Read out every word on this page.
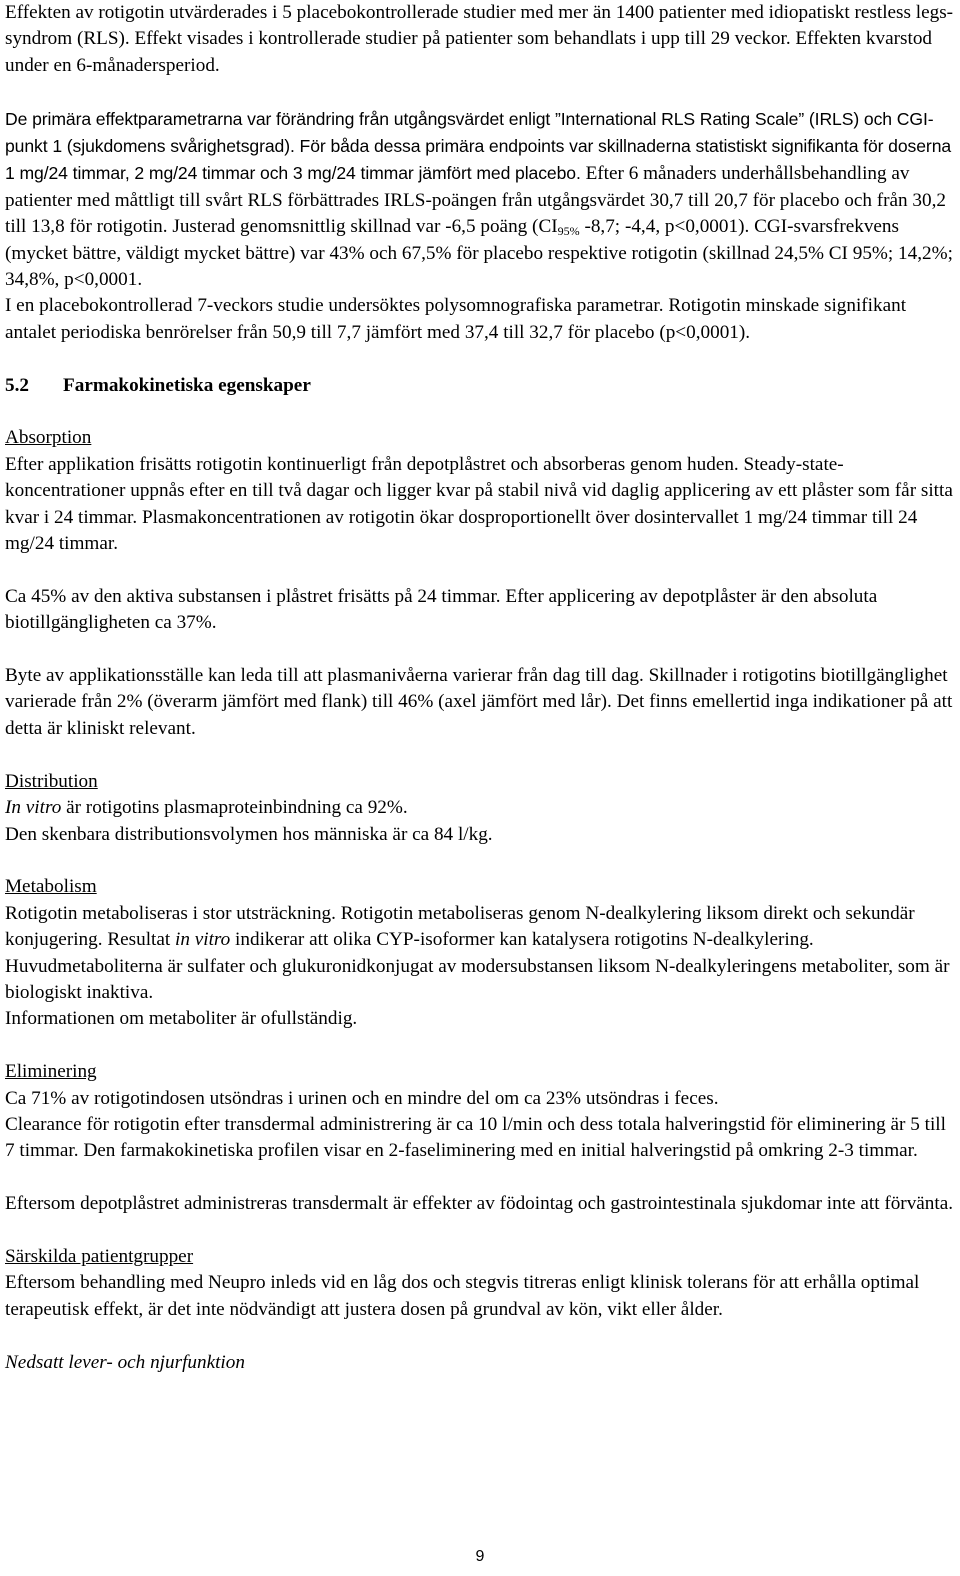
Effekten av rotigotin utvärderades i 5 placebokontrollerade studier med mer än 1400 patienter med idiopatiskt restless legs-syndrom (RLS). Effekt visades i kontrollerade studier på patienter som behandlats i upp till 29 veckor. Effekten kvarstod under en 6-månadersperiod.

De primära effektparametrarna var förändring från utgångsvärdet enligt ”International RLS Rating Scale” (IRLS) och CGI-punkt 1 (sjukdomens svårighetsgrad). För båda dessa primära endpoints var skillnaderna statistiskt signifikanta för doserna 1 mg/24 timmar, 2 mg/24 timmar och 3 mg/24 timmar jämfört med placebo. Efter 6 månaders underhållsbehandling av patienter med måttligt till svårt RLS förbättrades IRLS-poängen från utgångsvärdet 30,7 till 20,7 för placebo och från 30,2 till 13,8 för rotigotin. Justerad genomsnittlig skillnad var -6,5 poäng ($CI_{95\%}$ -8,7; -4,4, p<0,0001). CGI-svarsfrekvens (mycket bättre, väldigt mycket bättre) var 43% och 67,5% för placebo respektive rotigotin (skillnad 24,5% CI 95%; 14,2%; 34,8%, p<0,0001.

I en placebokontrollerad 7-veckors studie undersöktes polysomnografiska parametrar. Rotigotin minskade signifikant antalet periodiska benrörelser från 50,9 till 7,7 jämfört med 37,4 till 32,7 för placebo (p<0,0001).

5.2 Farmakokinetiska egenskaper

Absorption

Efter applikation frisätts rotigotin kontinuerligt från depotplåstret och absorberas genom huden. Steady-state-koncentrationer uppnås efter en till två dagar och ligger kvar på stabil nivå vid daglig applicering av ett plåster som får sitta kvar i 24 timmar. Plasmakoncentrationen av rotigotin ökar dosproportionellt över dosintervallet 1 mg/24 timmar till 24 mg/24 timmar.

Ca 45% av den aktiva substansen i plåstret frisätts på 24 timmar. Efter applicering av depotplåster är den absoluta biotillgängligheten ca 37%.

Byte av applikationsställe kan leda till att plasmanivåerna varierar från dag till dag. Skillnader i rotigotins biotillgänglighet varierade från 2% (överarm jämfört med flank) till 46% (axel jämfört med lår). Det finns emellertid inga indikationer på att detta är kliniskt relevant.

Distribution

In vitro är rotigotins plasmaproteinbindning ca 92%.

Den skenbara distributionsvolymen hos människa är ca 84 l/kg.

Metabolism

Rotigotin metaboliseras i stor utsträckning. Rotigotin metaboliseras genom N-dealkylering liksom direkt och sekundär konjugering. Resultat in vitro indikerar att olika CYP-isoformer kan katalysera rotigotins N-dealkylering. Huvudmetaboliterna är sulfater och glukuronidkonjugat av modersubstansen liksom N-dealkyleringens metaboliter, som är biologiskt inaktiva.

Informationen om metaboliter är ofullständig.

Eliminering

Ca 71% av rotigotindosen utsöndras i urinen och en mindre del om ca 23% utsöndras i feces.

Clearance för rotigotin efter transdermal administrering är ca 10 l/min och dess totala halveringstid för eliminering är 5 till 7 timmar. Den farmakokinetiska profilen visar en 2-faseliminering med en initial halveringstid på omkring 2-3 timmar.

Eftersom depotplåstret administreras transdermalt är effekter av födointag och gastrointestinala sjukdomar inte att förvänta.

Särskilda patientgrupper

Eftersom behandling med Neupro inleds vid en låg dos och stegvis titreras enligt klinisk tolerans för att erhålla optimal terapeutisk effekt, är det inte nödvändigt att justera dosen på grundval av kön, vikt eller ålder.

Nedsatt lever- och njurfunktion

9
